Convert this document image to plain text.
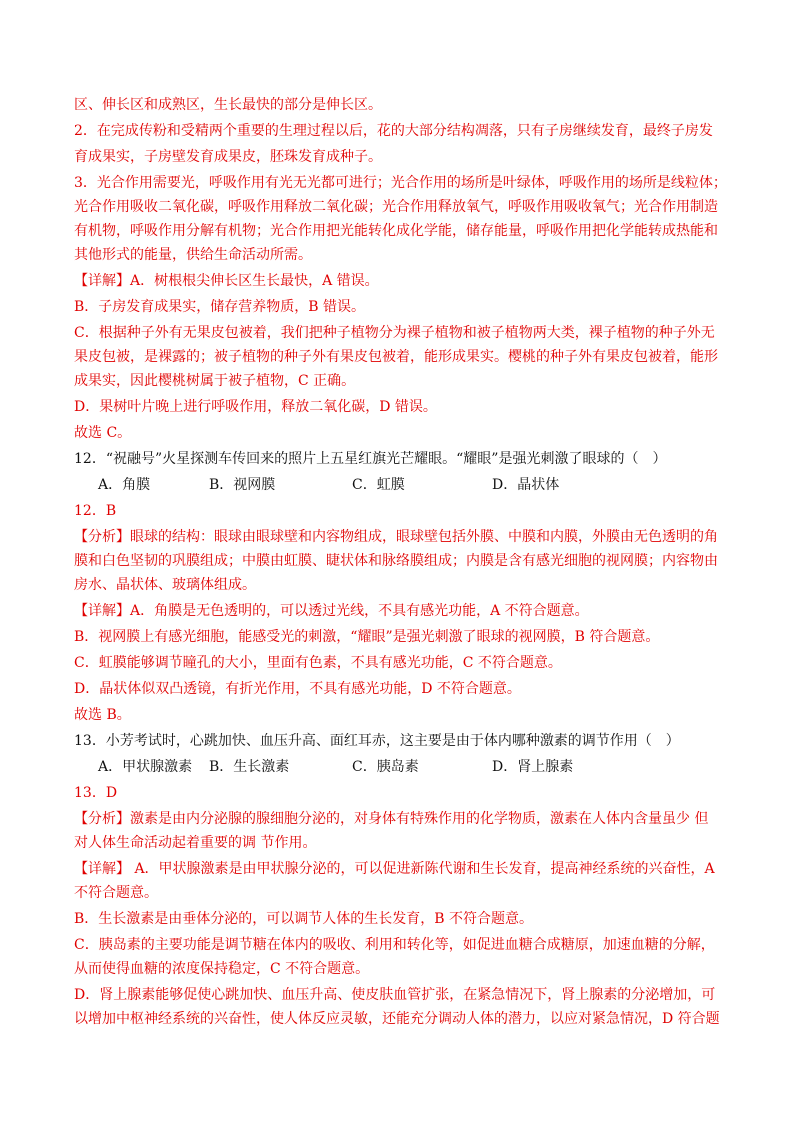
区、伸长区和成熟区，生长最快的部分是伸长区。

2．在完成传粉和受精两个重要的生理过程以后，花的大部分结构凋落，只有子房继续发育，最终子房发

育成果实，子房壁发育成果皮，胚珠发育成种子。

3．光合作用需要光，呼吸作用有光无光都可进行；光合作用的场所是叶绿体，呼吸作用的场所是线粒体；

光合作用吸收二氧化碳，呼吸作用释放二氧化碳；光合作用释放氧气，呼吸作用吸收氧气；光合作用制造

有机物，呼吸作用分解有机物；光合作用把光能转化成化学能，储存能量，呼吸作用把化学能转成热能和

其他形式的能量，供给生命活动所需。

【详解】A．树根根尖伸长区生长最快，A 错误。

B．子房发育成果实，储存营养物质，B 错误。

C．根据种子外有无果皮包被着，我们把种子植物分为裸子植物和被子植物两大类，裸子植物的种子外无

果皮包被，是裸露的；被子植物的种子外有果皮包被着，能形成果实。樱桃的种子外有果皮包被着，能形

成果实，因此樱桃树属于被子植物，C 正确。

D．果树叶片晚上进行呼吸作用，释放二氧化碳，D 错误。

故选 C。

12．“祝融号”火星探测车传回来的照片上五星红旗光芒耀眼。“耀眼”是强光刺激了眼球的（　）

A．角膜	B．视网膜	C．虹膜	D．晶状体

12．B

【分析】眼球的结构：眼球由眼球壁和内容物组成，眼球壁包括外膜、中膜和内膜，外膜由无色透明的角

膜和白色坚韧的巩膜组成；中膜由虹膜、睫状体和脉络膜组成；内膜是含有感光细胞的视网膜；内容物由

房水、晶状体、玻璃体组成。

【详解】A．角膜是无色透明的，可以透过光线，不具有感光功能，A 不符合题意。

B．视网膜上有感光细胞，能感受光的刺激，“耀眼”是强光刺激了眼球的视网膜，B 符合题意。

C．虹膜能够调节瞳孔的大小，里面有色素，不具有感光功能，C 不符合题意。

D．晶状体似双凸透镜，有折光作用，不具有感光功能，D 不符合题意。

故选 B。

13．小芳考试时，心跳加快、血压升高、面红耳赤，这主要是由于体内哪种激素的调节作用（　）

A．甲状腺激素 B．生长激素	C．胰岛素	D．肾上腺素

13．D

【分析】激素是由内分泌腺的腺细胞分泌的，对身体有特殊作用的化学物质，激素在人体内含量虽少 但

对人体生命活动起着重要的调 节作用。

【详解】 A．甲状腺激素是由甲状腺分泌的，可以促进新陈代谢和生长发育，提高神经系统的兴奋性，A

不符合题意。

B．生长激素是由垂体分泌的，可以调节人体的生长发育，B 不符合题意。

C．胰岛素的主要功能是调节糖在体内的吸收、利用和转化等，如促进血糖合成糖原，加速血糖的分解，

从而使得血糖的浓度保持稳定，C 不符合题意。

D．肾上腺素能够促使心跳加快、血压升高、使皮肤血管扩张，在紧急情况下，肾上腺素的分泌增加，可

以增加中枢神经系统的兴奋性，使人体反应灵敏，还能充分调动人体的潜力，以应对紧急情况，D 符合题
